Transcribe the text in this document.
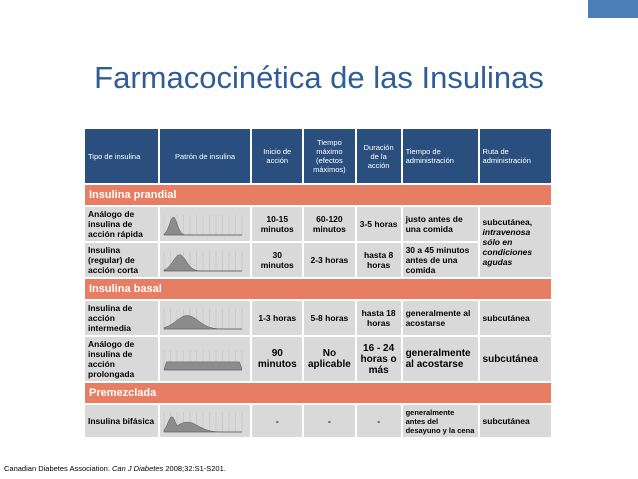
Farmacocinética de las Insulinas
Tipo de insulina	Patrón de insulina	Inicio de acción	Tiempo máximo (efectos máximos)	Duración de la acción	Tiempo de administración	Ruta de administración
Insulina prandial						
Análogo de insulina de acción rápida		10-15 minutos	60-120 minutos	3-5 horas	justo antes de una comida	subcutánea, intravenosa sólo en condiciones agudas
Insulina (regular) de acción corta		30 minutos	2-3 horas	hasta 8 horas	30 a 45 minutos antes de una comida	
Insulina basal						
Insulina de acción intermedia		1-3 horas	5-8 horas	hasta 18 horas	generalmente al acostarse	subcutánea
Análogo de insulina de acción prolongada		90 minutos	No aplicable	16 - 24 horas o más	generalmente al acostarse	subcutánea
Premezclada						
Insulina bifásica		-	-	-	generalmente antes del desayuno y la cena	subcutánea
Canadian Diabetes Association. Can J Diabetes 2008;32:S1-S201.
